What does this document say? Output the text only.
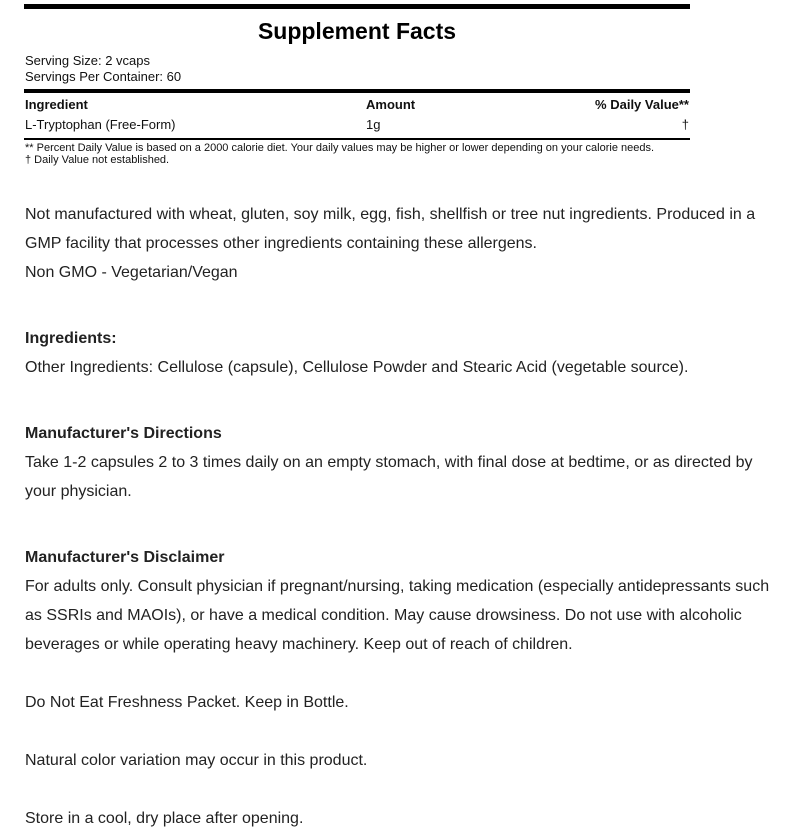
Supplement Facts
Serving Size: 2 vcaps
Servings Per Container: 60
Ingredient	Amount	% Daily Value**
L-Tryptophan (Free-Form)	1g	†
** Percent Daily Value is based on a 2000 calorie diet. Your daily values may be higher or lower depending on your calorie needs.
† Daily Value not established.

Not manufactured with wheat, gluten, soy milk, egg, fish, shellfish or tree nut ingredients. Produced in a GMP facility that processes other ingredients containing these allergens.

Non GMO - Vegetarian/Vegan

Ingredients:

Other Ingredients: Cellulose (capsule), Cellulose Powder and Stearic Acid (vegetable source).

Manufacturer's Directions

Take 1-2 capsules 2 to 3 times daily on an empty stomach, with final dose at bedtime, or as directed by your physician.

Manufacturer's Disclaimer

For adults only. Consult physician if pregnant/nursing, taking medication (especially antidepressants such as SSRIs and MAOIs), or have a medical condition. May cause drowsiness. Do not use with alcoholic beverages or while operating heavy machinery. Keep out of reach of children.

Do Not Eat Freshness Packet. Keep in Bottle.

Natural color variation may occur in this product.

Store in a cool, dry place after opening.
